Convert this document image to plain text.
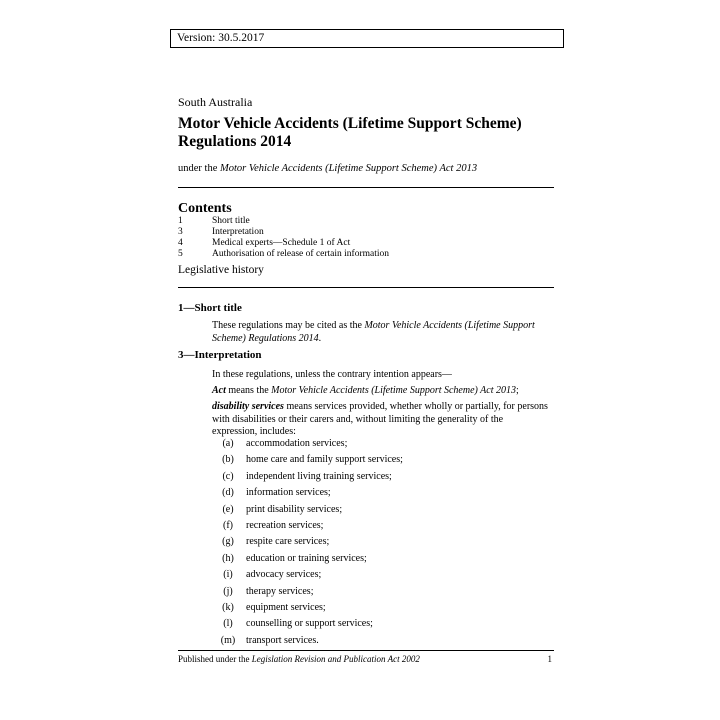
Version: 30.5.2017
South Australia
Motor Vehicle Accidents (Lifetime Support Scheme) Regulations 2014
under the Motor Vehicle Accidents (Lifetime Support Scheme) Act 2013
Contents
1	Short title
3	Interpretation
4	Medical experts—Schedule 1 of Act
5	Authorisation of release of certain information
Legislative history
1—Short title
These regulations may be cited as the Motor Vehicle Accidents (Lifetime Support Scheme) Regulations 2014.
3—Interpretation
In these regulations, unless the contrary intention appears—
Act means the Motor Vehicle Accidents (Lifetime Support Scheme) Act 2013;
disability services means services provided, whether wholly or partially, for persons with disabilities or their carers and, without limiting the generality of the expression, includes:
(a)	accommodation services;
(b)	home care and family support services;
(c)	independent living training services;
(d)	information services;
(e)	print disability services;
(f)	recreation services;
(g)	respite care services;
(h)	education or training services;
(i)	advocacy services;
(j)	therapy services;
(k)	equipment services;
(l)	counselling or support services;
(m)	transport services.
Published under the Legislation Revision and Publication Act 2002	1
